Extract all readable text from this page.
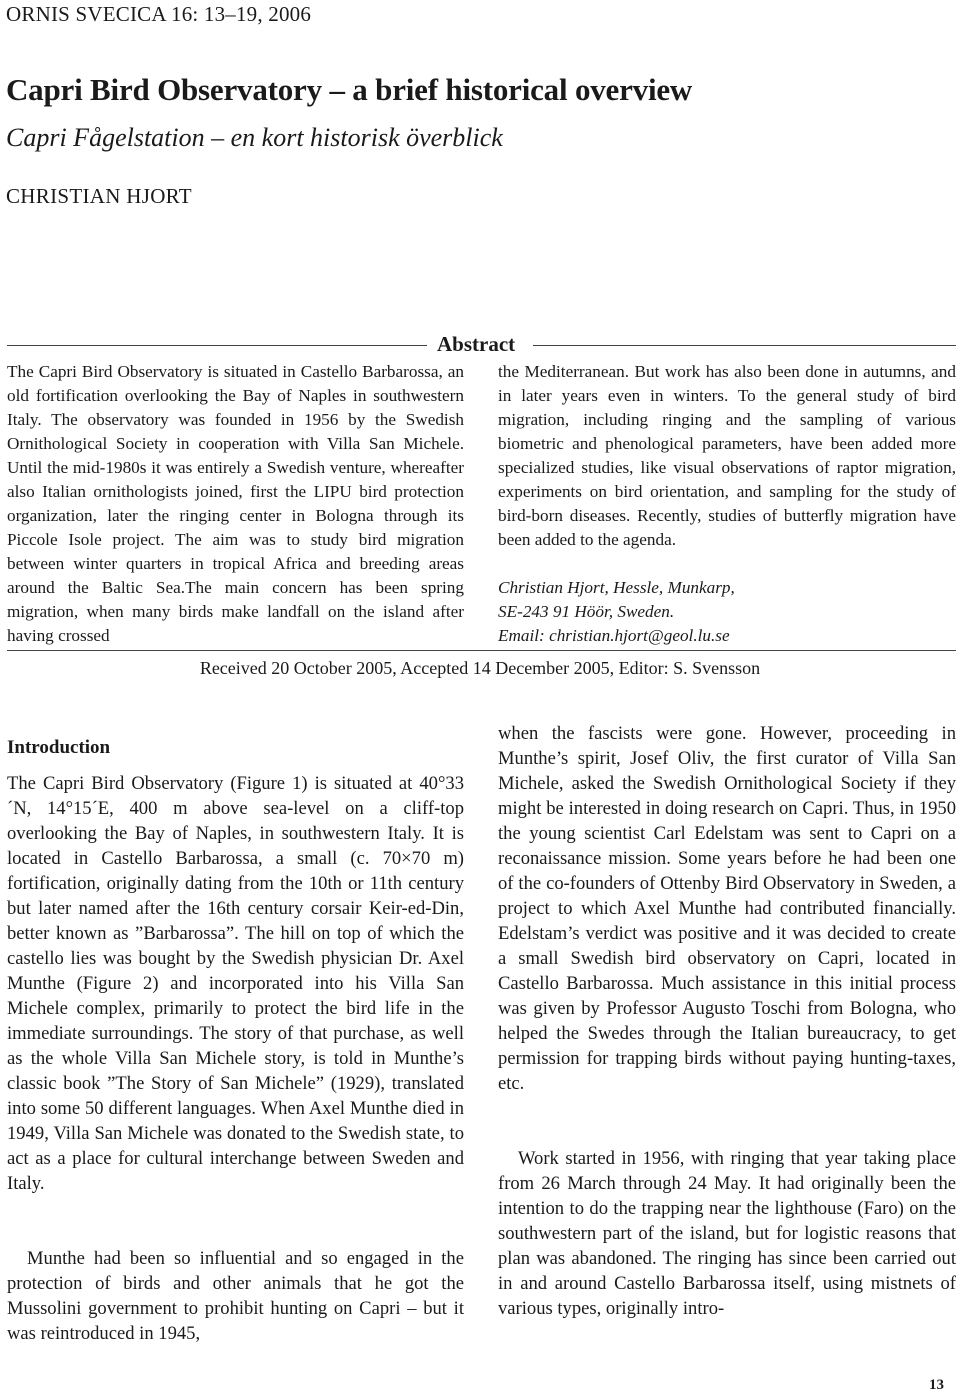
ORNIS SVECICA 16: 13–19, 2006
Capri Bird Observatory – a brief historical overview
Capri Fågelstation – en kort historisk överblick
CHRISTIAN HJORT
Abstract

The Capri Bird Observatory is situated in Castello Barbarossa, an old fortification overlooking the Bay of Naples in southwestern Italy. The observatory was founded in 1956 by the Swedish Ornithological Society in cooperation with Villa San Michele. Until the mid-1980s it was entirely a Swedish venture, whereafter also Italian ornithologists joined, first the LIPU bird protection organization, later the ringing center in Bologna through its Piccole Isole project. The aim was to study bird migration between winter quarters in tropical Africa and breeding areas around the Baltic Sea.The main concern has been spring migration, when many birds make landfall on the island after having crossed

the Mediterranean. But work has also been done in autumns, and in later years even in winters. To the general study of bird migration, including ringing and the sampling of various biometric and phenological parameters, have been added more specialized studies, like visual observations of raptor migration, experiments on bird orientation, and sampling for the study of bird-born diseases. Recently, studies of butterfly migration have been added to the agenda.

Christian Hjort, Hessle, Munkarp,
SE-243 91 Höör, Sweden.
Email: christian.hjort@geol.lu.se
Received 20 October 2005, Accepted 14 December 2005, Editor: S. Svensson
Introduction

The Capri Bird Observatory (Figure 1) is situated at 40°33´N, 14°15´E, 400 m above sea-level on a cliff-top overlooking the Bay of Naples, in southwestern Italy. It is located in Castello Barbarossa, a small (c. 70×70 m) fortification, originally dating from the 10th or 11th century but later named after the 16th century corsair Keir-ed-Din, better known as ”Barbarossa”. The hill on top of which the castello lies was bought by the Swedish physician Dr. Axel Munthe (Figure 2) and incorporated into his Villa San Michele complex, primarily to protect the bird life in the immediate surroundings. The story of that purchase, as well as the whole Villa San Michele story, is told in Munthe’s classic book ”The Story of San Michele” (1929), translated into some 50 different languages. When Axel Munthe died in 1949, Villa San Michele was donated to the Swedish state, to act as a place for cultural interchange between Sweden and Italy.

Munthe had been so influential and so engaged in the protection of birds and other animals that he got the Mussolini government to prohibit hunting on Capri – but it was reintroduced in 1945,

when the fascists were gone. However, proceeding in Munthe’s spirit, Josef Oliv, the first curator of Villa San Michele, asked the Swedish Ornithological Society if they might be interested in doing research on Capri. Thus, in 1950 the young scientist Carl Edelstam was sent to Capri on a reconaissance mission. Some years before he had been one of the co-founders of Ottenby Bird Observatory in Sweden, a project to which Axel Munthe had contributed financially. Edelstam’s verdict was positive and it was decided to create a small Swedish bird observatory on Capri, located in Castello Barbarossa. Much assistance in this initial process was given by Professor Augusto Toschi from Bologna, who helped the Swedes through the Italian bureaucracy, to get permission for trapping birds without paying hunting-taxes, etc.

Work started in 1956, with ringing that year taking place from 26 March through 24 May. It had originally been the intention to do the trapping near the lighthouse (Faro) on the southwestern part of the island, but for logistic reasons that plan was abandoned. The ringing has since been carried out in and around Castello Barbarossa itself, using mistnets of various types, originally intro-

13
